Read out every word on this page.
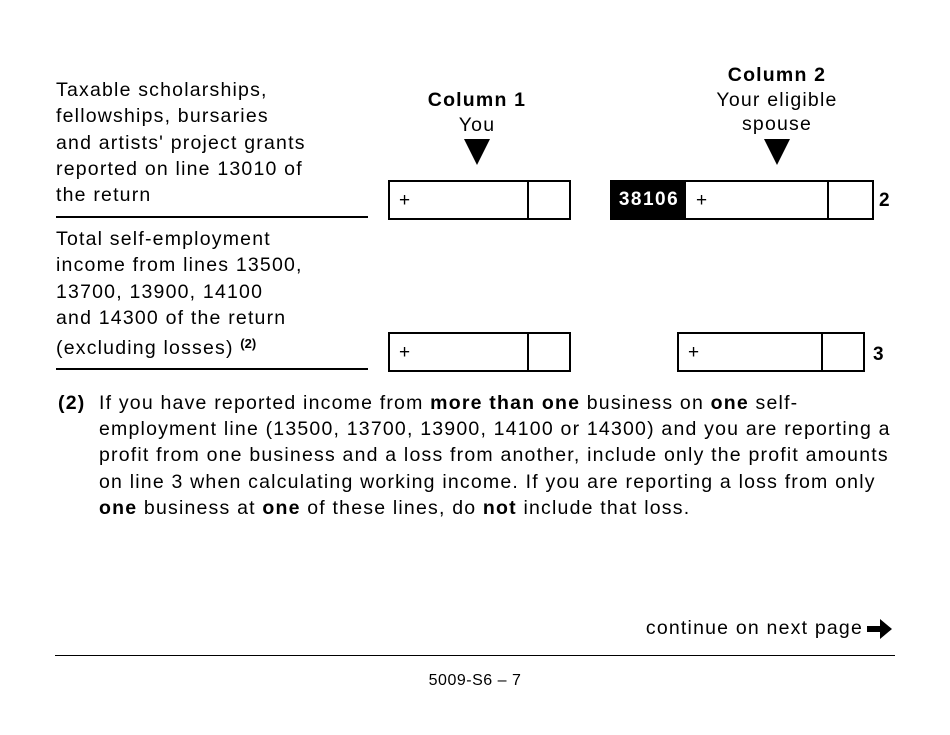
Taxable scholarships,
fellowships, bursaries
and artists' project grants
reported on line 13010 of
the return
Column 1
You
Column 2
Your eligible
spouse
+	38106 +	2
Total self-employment
income from lines 13500,
13700, 13900, 14100
and 14300 of the return
(excluding losses) $^{(2)}$	+	+	3
(2) If you have reported income from more than one business on one self-employment line (13500, 13700, 13900, 14100 or 14300) and you are reporting a profit from one business and a loss from another, include only the profit amounts on line 3 when calculating working income. If you are reporting a loss from only one business at one of these lines, do not include that loss.
continue on next page
5009-S6 – 7
